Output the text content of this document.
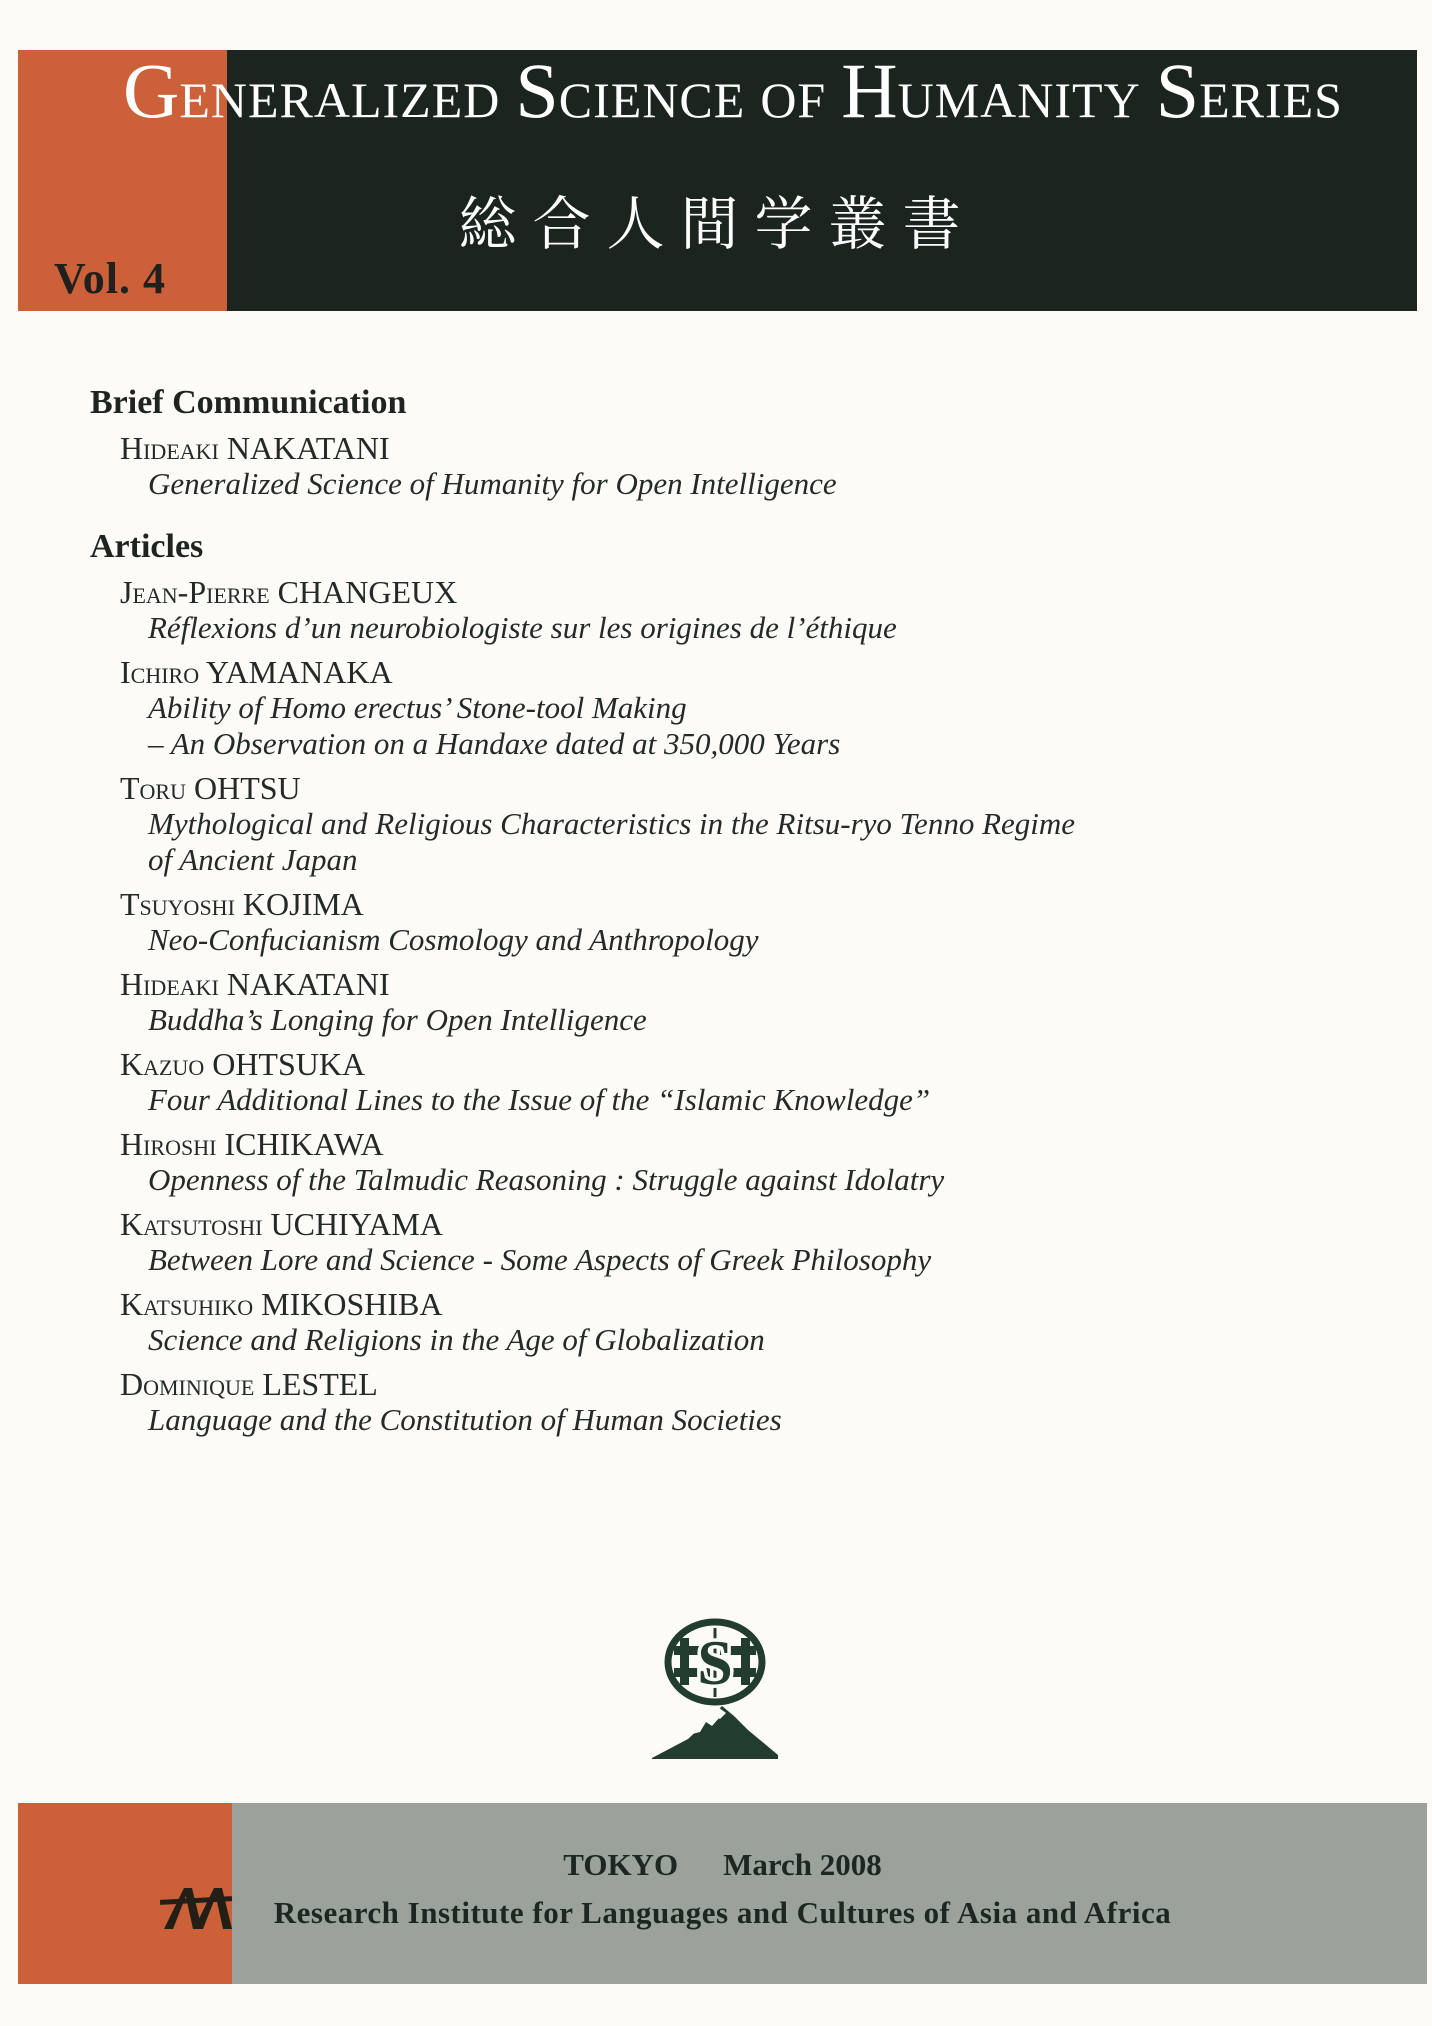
Vol. 4
G ENERALIZED S CIENCE OF H UMANITY S ERIES
総合人間学叢書
Brief Communication
Hideaki NAKATANI
Generalized Science of Humanity for Open Intelligence
Articles
Jean-Pierre CHANGEUX
Réflexions d’un neurobiologiste sur les origines de l’éthique
Ichiro YAMANAKA
Ability of Homo erectus’ Stone-tool Making
– An Observation on a Handaxe dated at 350,000 Years
Toru OHTSU
Mythological and Religious Characteristics in the Ritsu-ryo Tenno Regime
of Ancient Japan
Tsuyoshi KOJIMA
Neo-Confucianism Cosmology and Anthropology
Hideaki NAKATANI
Buddha’s Longing for Open Intelligence
Kazuo OHTSUKA
Four Additional Lines to the Issue of the “Islamic Knowledge”
Hiroshi ICHIKAWA
Openness of the Talmudic Reasoning : Struggle against Idolatry
Katsutoshi UCHIYAMA
Between Lore and Science - Some Aspects of Greek Philosophy
Katsuhiko MIKOSHIBA
Science and Religions in the Age of Globalization
Dominique LESTEL
Language and the Constitution of Human Societies
S
TOKYO March 2008
Research Institute for Languages and Cultures of Asia and Africa
